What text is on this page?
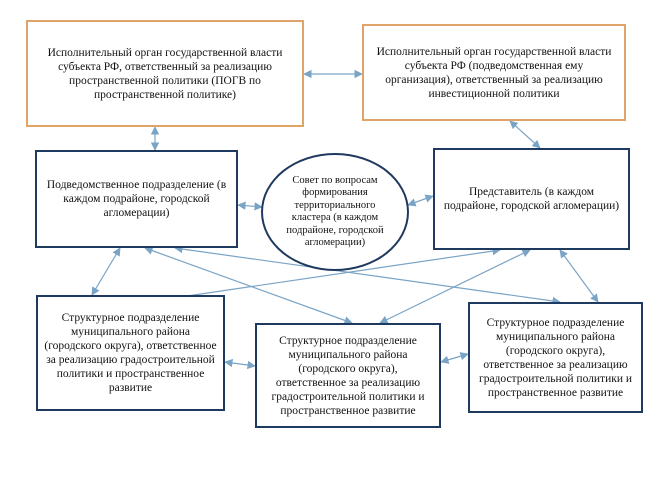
Исполнительный орган государственной власти субъекта РФ, ответственный за реализацию пространственной политики (ПОГВ по пространственной политике)
Исполнительный орган государственной власти субъекта РФ (подведомственная ему организация), ответственный за реализацию инвестиционной политики
Подведомственное подразделение (в каждом подрайоне, городской агломерации)
Совет по вопросам формирования территориального кластера (в каждом подрайоне, городской агломерации)
Представитель (в каждом подрайоне, городской агломерации)
Структурное подразделение муниципального района (городского округа), ответственное за реализацию градостроительной политики и пространственное развитие
Структурное подразделение муниципального района (городского округа), ответственное за реализацию градостроительной политики и пространственное развитие
Структурное подразделение муниципального района (городского округа), ответственное за реализацию градостроительной политики и пространственное развитие
